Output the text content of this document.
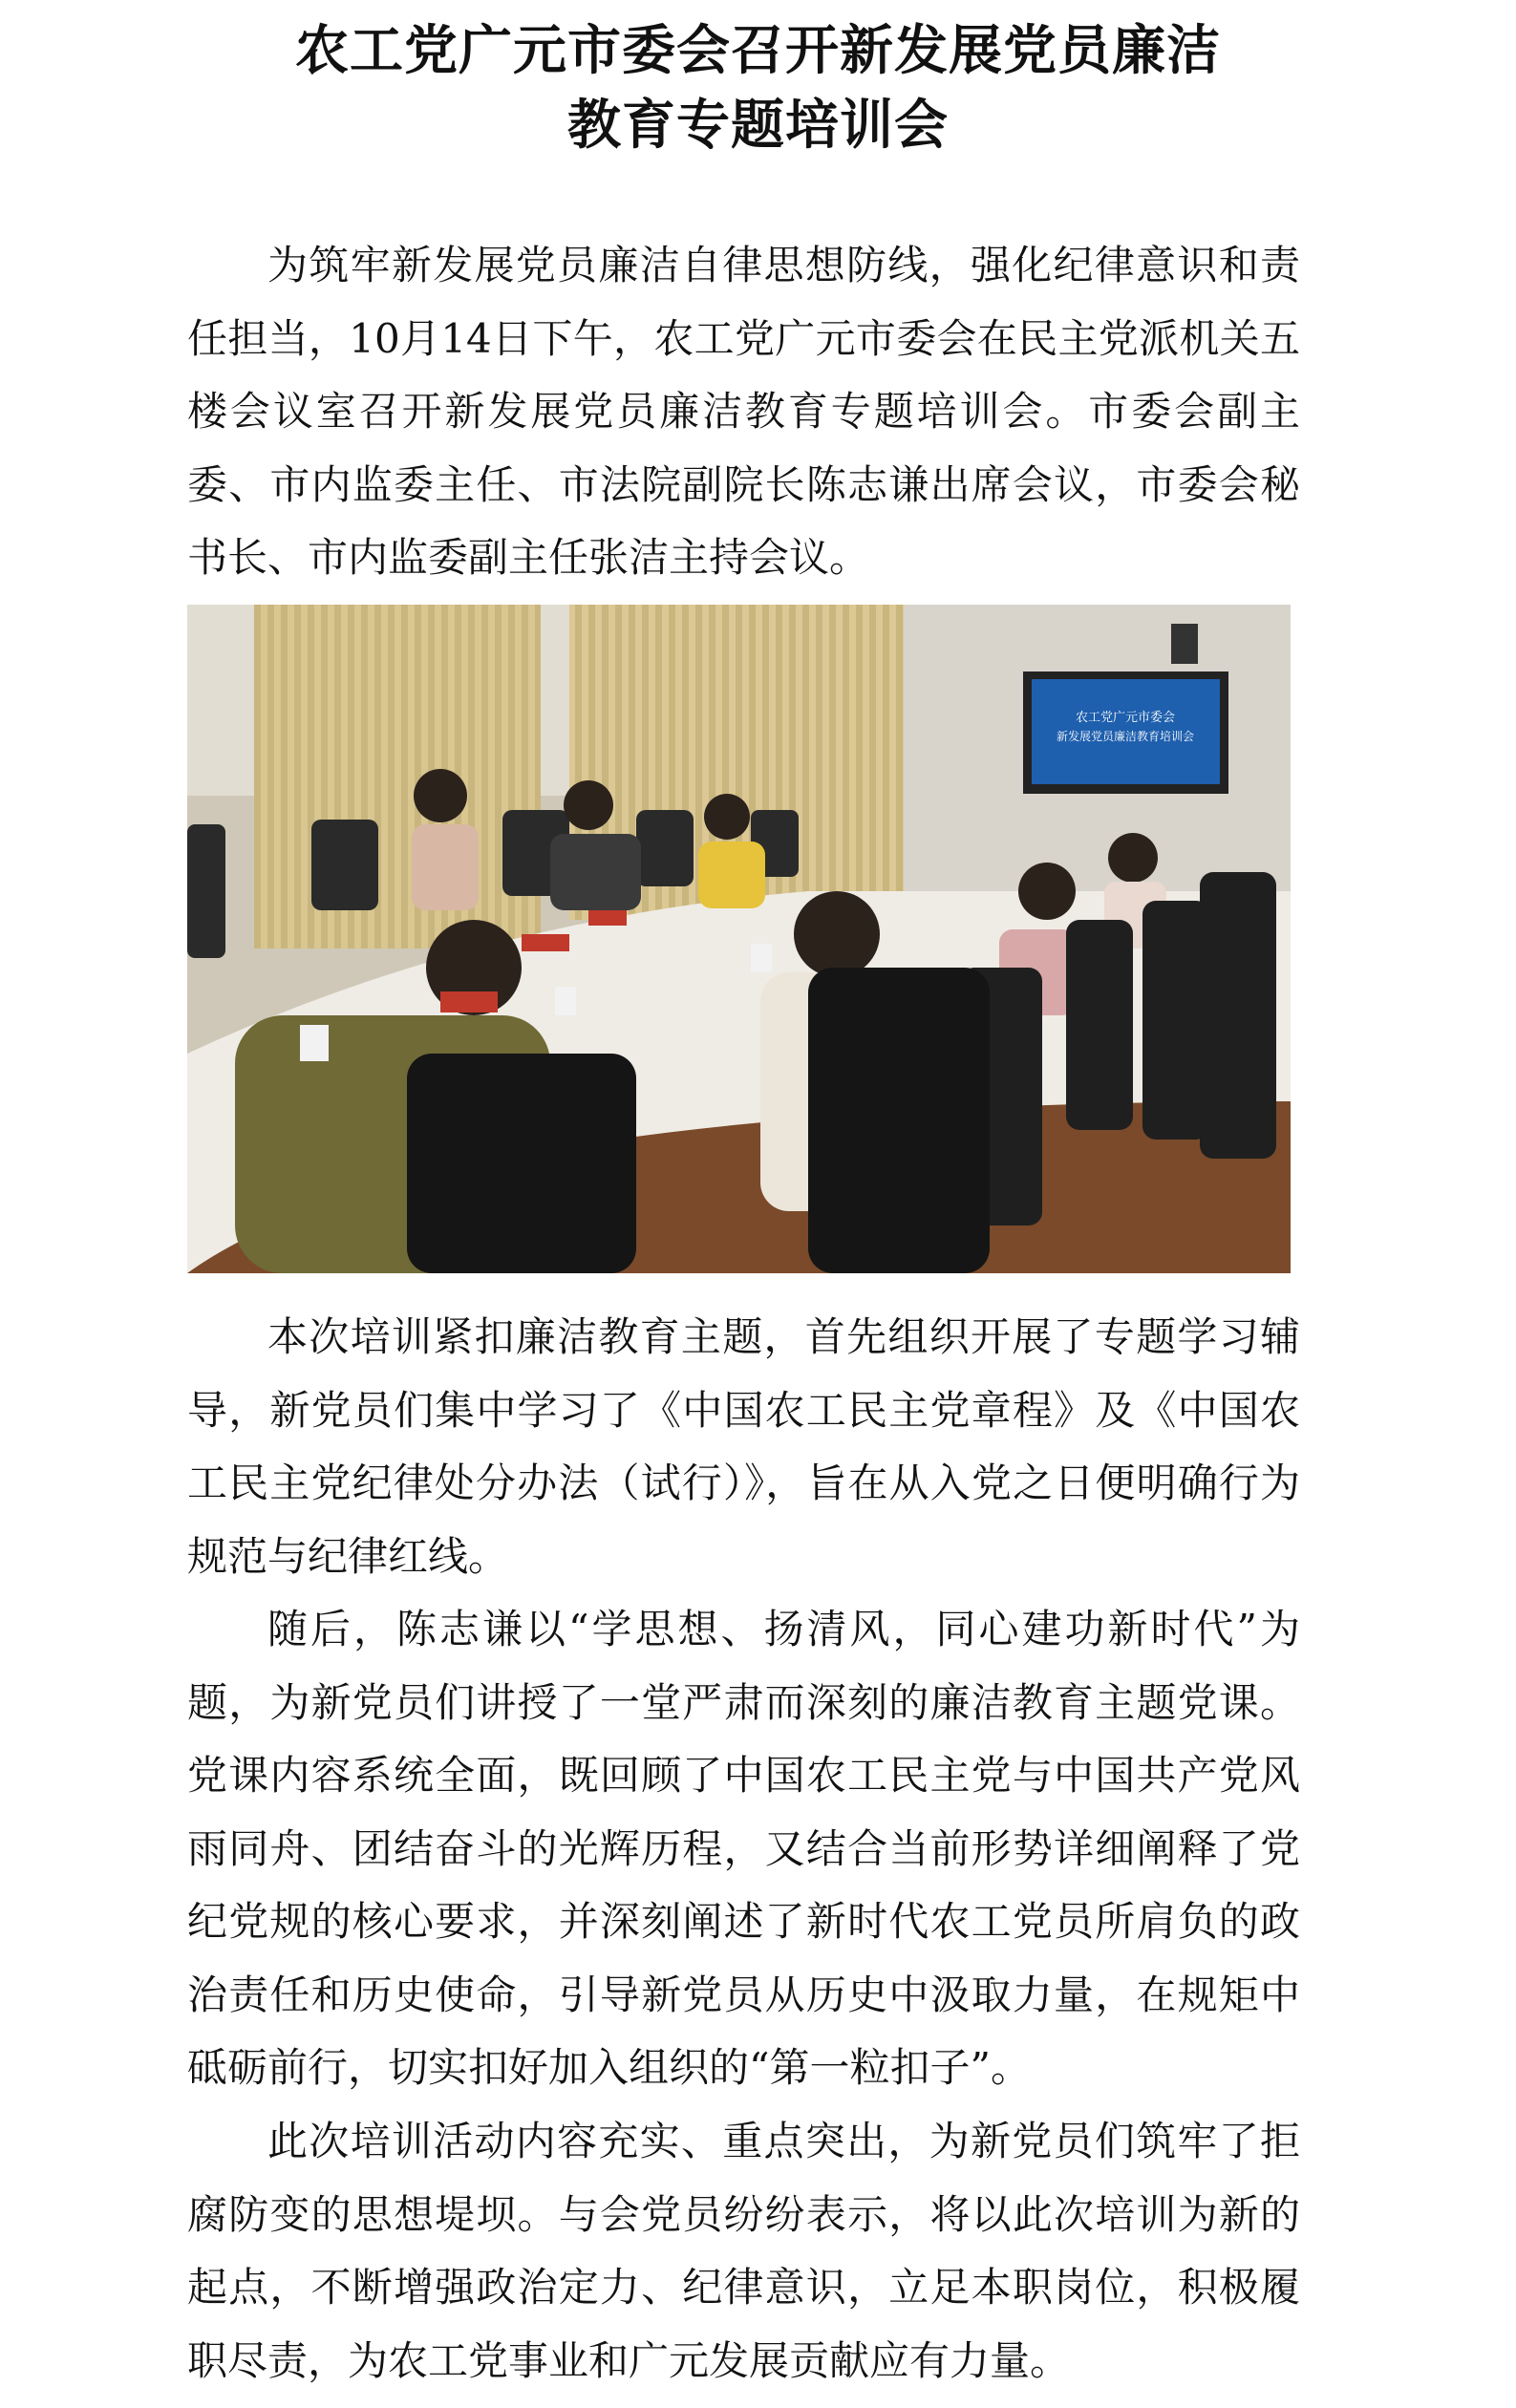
农工党广元市委会召开新发展党员廉洁
教育专题培训会

为筑牢新发展党员廉洁自律思想防线，强化纪律意识和责任担当，10月14日下午，农工党广元市委会在民主党派机关五楼会议室召开新发展党员廉洁教育专题培训会。市委会副主委、市内监委主任、市法院副院长陈志谦出席会议，市委会秘书长、市内监委副主任张洁主持会议。

农工党广元市委会
新发展党员廉洁教育培训会

本次培训紧扣廉洁教育主题，首先组织开展了专题学习辅导，新党员们集中学习了《中国农工民主党章程》及《中国农工民主党纪律处分办法（试行）》，旨在从入党之日便明确行为规范与纪律红线。

随后，陈志谦以“学思想、扬清风，同心建功新时代”为题，为新党员们讲授了一堂严肃而深刻的廉洁教育主题党课。党课内容系统全面，既回顾了中国农工民主党与中国共产党风雨同舟、团结奋斗的光辉历程，又结合当前形势详细阐释了党纪党规的核心要求，并深刻阐述了新时代农工党员所肩负的政治责任和历史使命，引导新党员从历史中汲取力量，在规矩中砥砺前行，切实扣好加入组织的“第一粒扣子”。

此次培训活动内容充实、重点突出，为新党员们筑牢了拒腐防变的思想堤坝。与会党员纷纷表示，将以此次培训为新的起点，不断增强政治定力、纪律意识，立足本职岗位，积极履职尽责，为农工党事业和广元发展贡献应有力量。
